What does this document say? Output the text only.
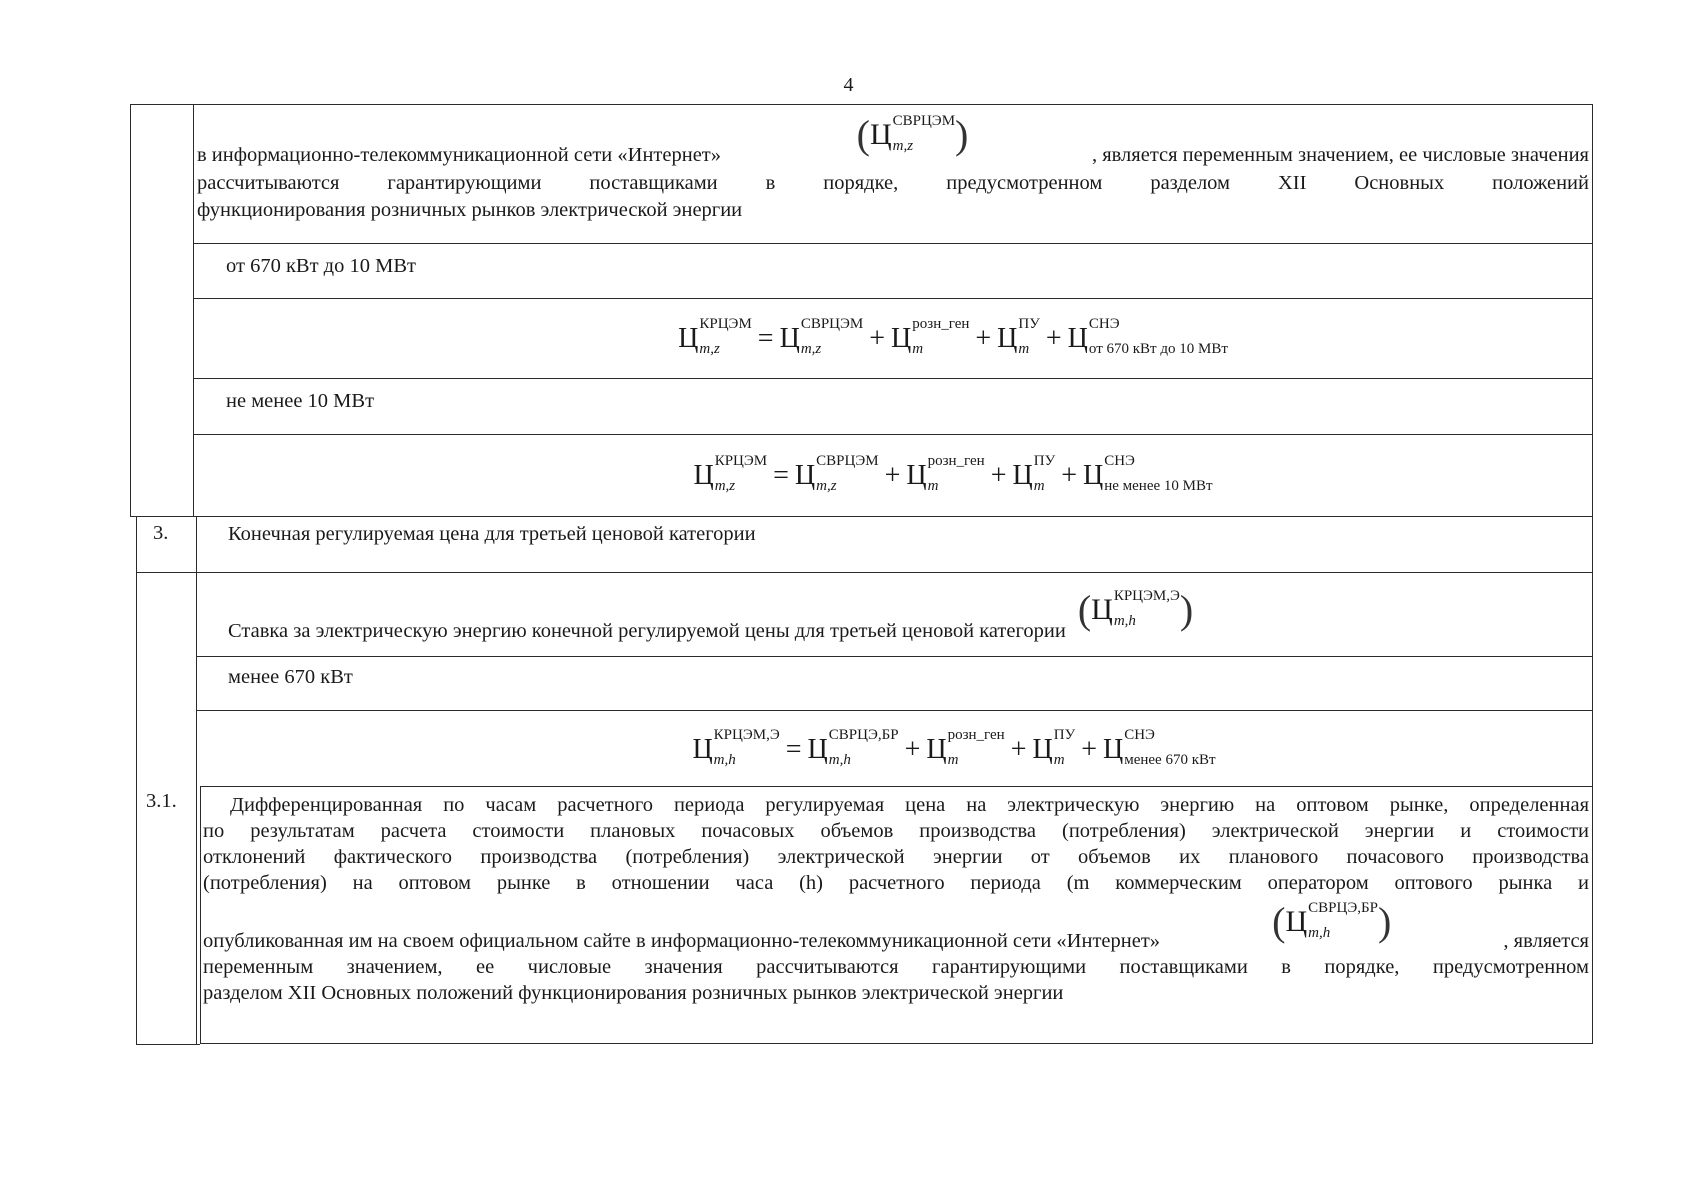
4
в информационно-телекоммуникационной сети «Интернет»	( Ц СВРЦЭМ
m,z )	, является переменным значением, ее числовые значения
рассчитываются гарантирующими поставщиками в порядке, предусмотренном разделом XII Основных положений
функционирования розничных рынков электрической энергии
от 670 кВт до 10 МВт
Ц КРЦЭМ
m,z = Ц СВРЦЭМ
m,z + Ц розн_ген
m + Ц ПУ
m + Ц СНЭ
от 670 кВт до 10 МВт
не менее 10 МВт
Ц КРЦЭМ
m,z = Ц СВРЦЭМ
m,z + Ц розн_ген
m + Ц ПУ
m + Ц СНЭ
не менее 10 МВт
3.	Конечная регулируемая цена для третьей ценовой категории
Ставка за электрическую энергию конечной регулируемой цены для третьей ценовой категории ( Ц КРЦЭМ,Э
m,h )
менее 670 кВт
Ц КРЦЭМ,Э
m,h = Ц СВРЦЭ,БР
m,h + Ц розн_ген
m + Ц ПУ
m + Ц СНЭ
менее 670 кВт
3.1.	Дифференцированная по часам расчетного периода регулируемая цена на электрическую энергию на оптовом рынке, определенная
по результатам расчета стоимости плановых почасовых объемов производства (потребления) электрической энергии и стоимости
отклонений фактического производства (потребления) электрической энергии от объемов их планового почасового производства
(потребления) на оптовом рынке в отношении часа (h) расчетного периода (m коммерческим оператором оптового рынка и
опубликованная им на своем официальном сайте в информационно-телекоммуникационной сети «Интернет»	( Ц СВРЦЭ,БР
m,h )	, является
переменным значением, ее числовые значения рассчитываются гарантирующими поставщиками в порядке, предусмотренном
разделом XII Основных положений функционирования розничных рынков электрической энергии
